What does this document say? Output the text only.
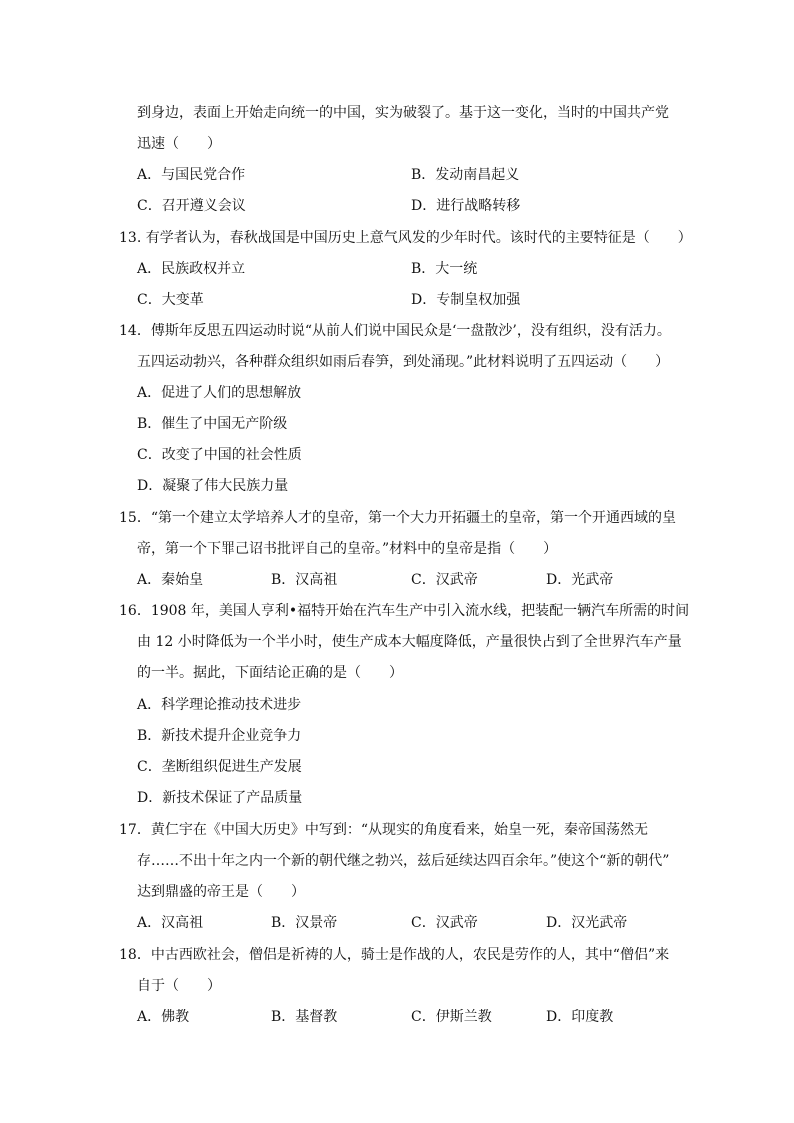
到身边，表面上开始走向统一的中国，实为破裂了。基于这一变化，当时的中国共产党
迅速（　　）
A．与国民党合作	B．发动南昌起义
C．召开遵义会议	D．进行战略转移
13. 有学者认为，春秋战国是中国历史上意气风发的少年时代。该时代的主要特征是（　　）
A．民族政权并立	B．大一统
C．大变革	D．专制皇权加强
14．傅斯年反思五四运动时说“从前人们说中国民众是‘一盘散沙’，没有组织，没有活力。
五四运动勃兴，各种群众组织如雨后春笋，到处涌现。”此材料说明了五四运动（　　）
A．促进了人们的思想解放
B．催生了中国无产阶级
C．改变了中国的社会性质
D．凝聚了伟大民族力量
15．“第一个建立太学培养人才的皇帝，第一个大力开拓疆土的皇帝，第一个开通西域的皇
帝，第一个下罪己诏书批评自己的皇帝。”材料中的皇帝是指（　　）
A．秦始皇	B．汉高祖	C．汉武帝	D．光武帝
16．1908 年，美国人亨利•福特开始在汽车生产中引入流水线，把装配一辆汽车所需的时间
由 12 小时降低为一个半小时，使生产成本大幅度降低，产量很快占到了全世界汽车产量
的一半。据此，下面结论正确的是（　　）
A．科学理论推动技术进步
B．新技术提升企业竞争力
C．垄断组织促进生产发展
D．新技术保证了产品质量
17．黄仁宇在《中国大历史》中写到：“从现实的角度看来，始皇一死，秦帝国荡然无
存……不出十年之内一个新的朝代继之勃兴，兹后延续达四百余年。”使这个“新的朝代”
达到鼎盛的帝王是（　　）
A．汉高祖	B．汉景帝	C．汉武帝	D．汉光武帝
18．中古西欧社会，僧侣是祈祷的人，骑士是作战的人，农民是劳作的人，其中“僧侣”来
自于（　　）
A．佛教	B．基督教	C．伊斯兰教	D．印度教
